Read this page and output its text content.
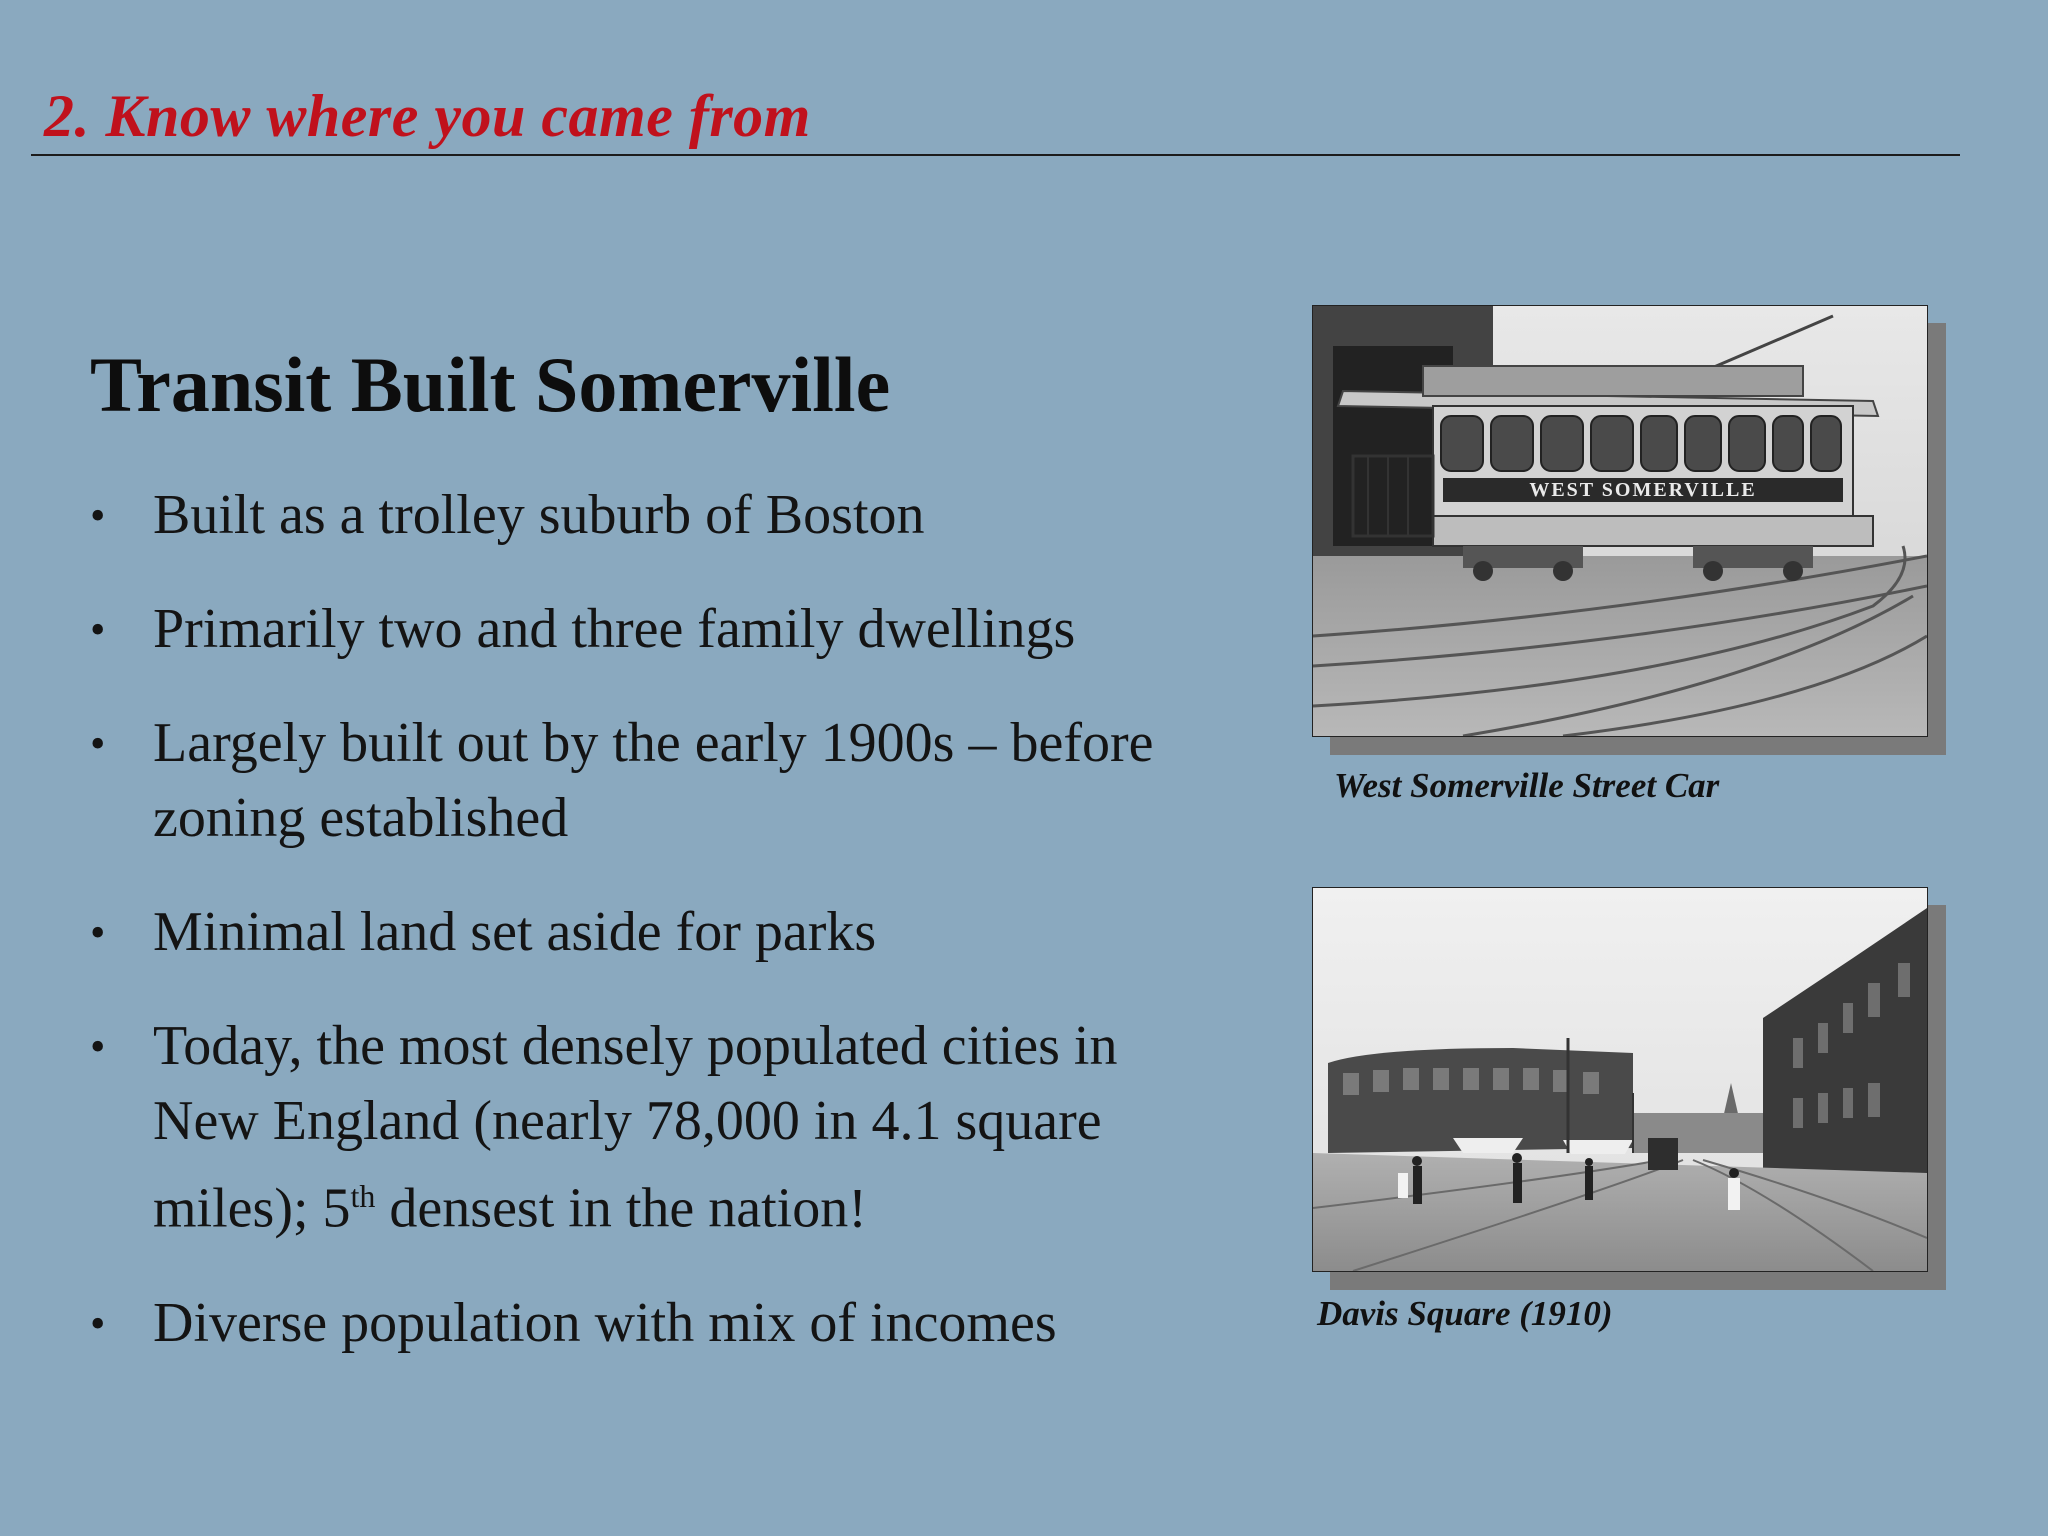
2. Know where you came from
Transit Built Somerville
• Built as a trolley suburb of Boston
• Primarily two and three family dwellings
• Largely built out by the early 1900s – before zoning established
• Minimal land set aside for parks
• Today, the most densely populated cities in New England (nearly 78,000 in 4.1 square miles); 5th densest in the nation!
• Diverse population with mix of incomes
WEST SOMERVILLE
West Somerville Street Car
Davis Square (1910)
